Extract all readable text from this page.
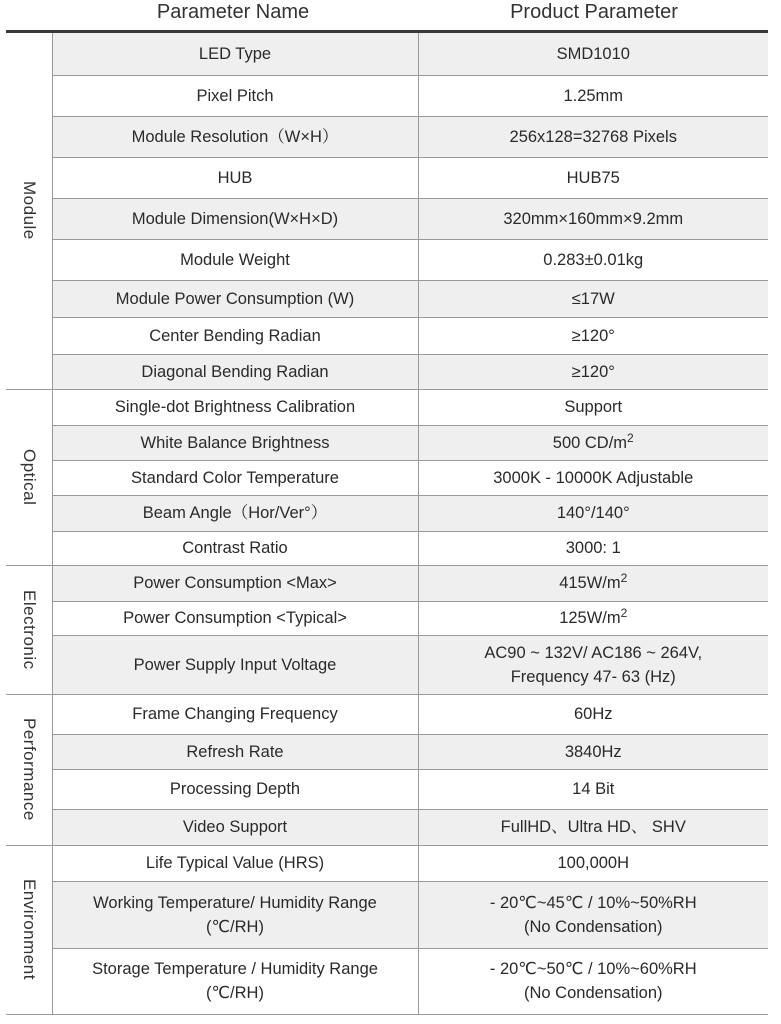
Parameter Name	Product Parameter
Module	LED Type	SMD1010
	Pixel Pitch	1.25mm
	Module Resolution（W×H）	256x128=32768 Pixels
	HUB	HUB75
	Module Dimension(W×H×D)	320mm×160mm×9.2mm
	Module Weight	0.283±0.01kg
	Module Power Consumption (W)	≤17W
	Center Bending Radian	≥120°
	Diagonal Bending Radian	≥120°

Optical	Single-dot Brightness Calibration	Support
	White Balance Brightness	500 $CD/m^2$
	Standard Color Temperature	3000K - 10000K Adjustable
	Beam Angle（Hor/Ver°）	140°/140°
	Contrast Ratio	3000: 1

Electronic	Power Consumption <Max>	$415W/m^2$
	Power Consumption <Typical>	$125W/m^2$
	Power Supply Input Voltage	AC90 ~ 132V/ AC186 ~ 264V,
Frequency 47- 63 (Hz)

Performance	Frame Changing Frequency	60Hz
	Refresh Rate	3840Hz
	Processing Depth	14 Bit
	Video Support	FullHD、Ultra HD、 SHV

Environment	Life Typical Value (HRS)	100,000H

	Working Temperature/ Humidity Range
(℃/RH)	- 20℃~45℃ / 10%~50%RH
(No Condensation)

	Storage Temperature / Humidity Range
(℃/RH)	- 20℃~50℃ / 10%~60%RH
(No Condensation)
